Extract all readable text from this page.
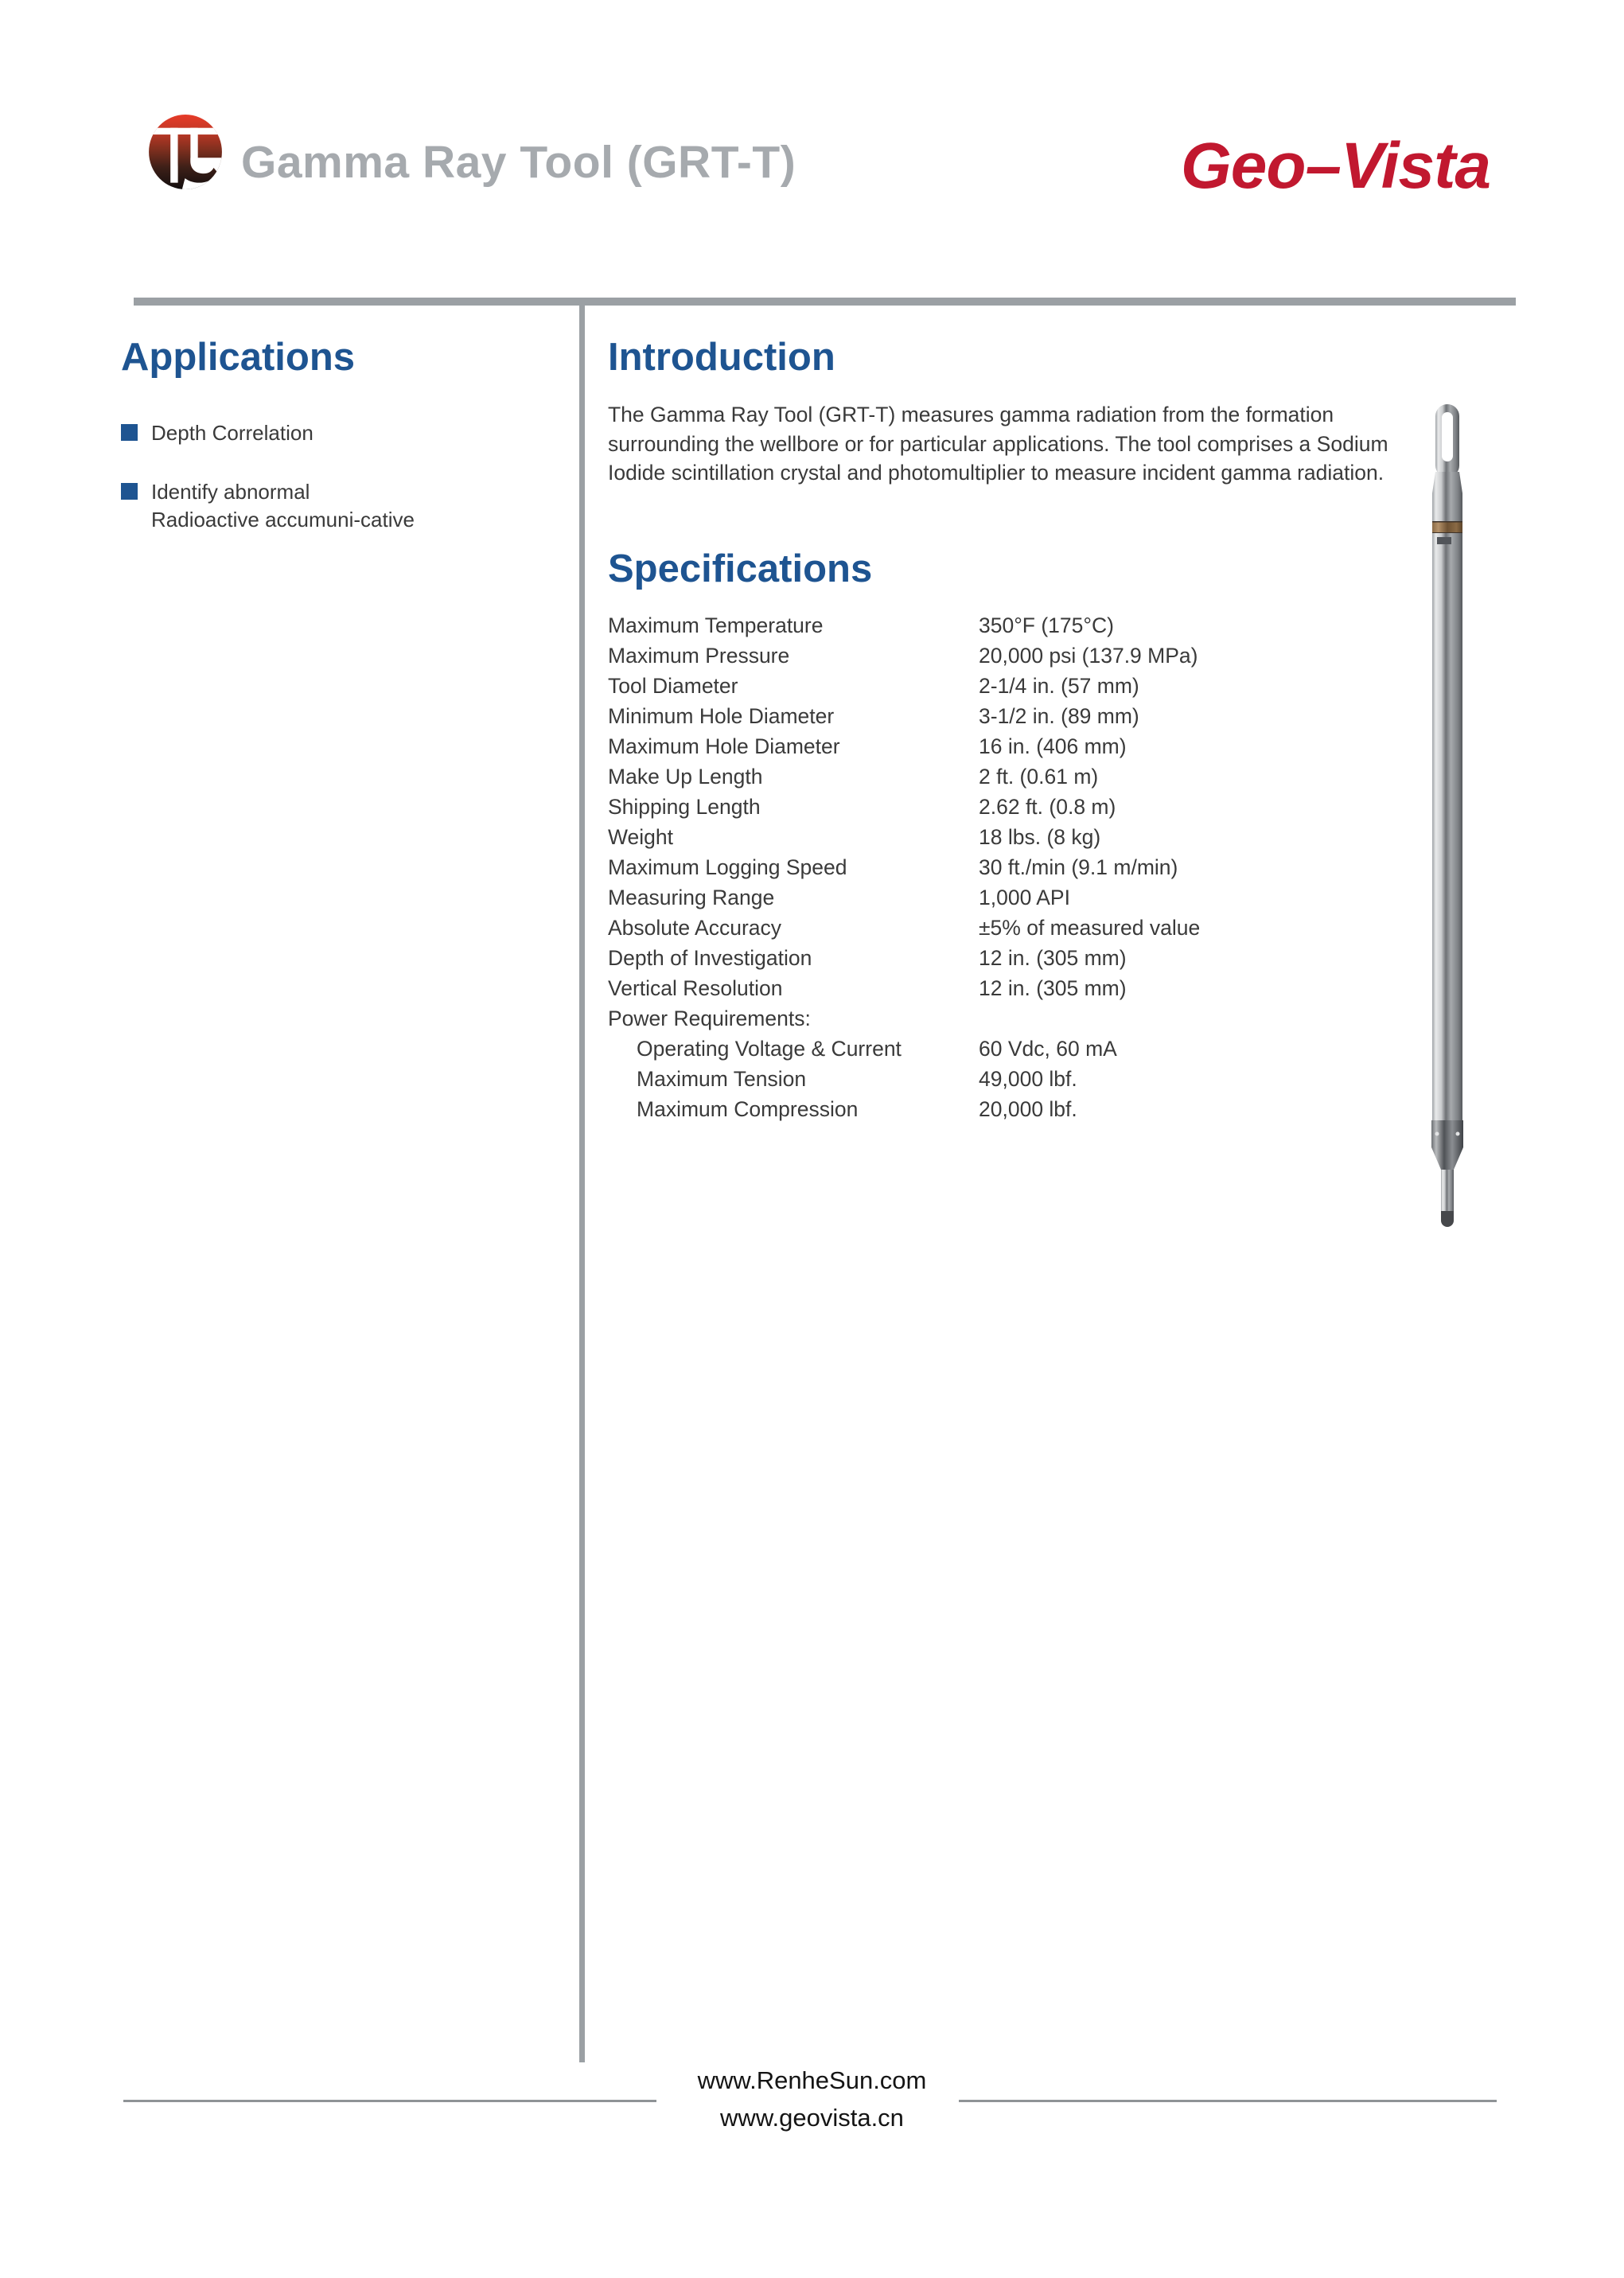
Gamma Ray Tool (GRT-T)	Geo–Vista
Applications
Depth Correlation
Identify abnormal Radioactive accumuni-cative
Introduction

The Gamma Ray Tool (GRT-T) measures gamma radiation from the formation surrounding the wellbore or for particular applications. The tool comprises a Sodium Iodide scintillation crystal and photomultiplier to measure incident gamma radiation.

Specifications
Maximum Temperature	350°F (175°C)
Maximum Pressure	20,000 psi (137.9 MPa)
Tool Diameter	2-1/4 in. (57 mm)
Minimum Hole Diameter	3-1/2 in. (89 mm)
Maximum Hole Diameter	16 in. (406 mm)
Make Up Length	2 ft. (0.61 m)
Shipping Length	2.62 ft. (0.8 m)
Weight	18 lbs. (8 kg)
Maximum Logging Speed	30 ft./min (9.1 m/min)
Measuring Range	1,000 API
Absolute Accuracy	±5% of measured value
Depth of Investigation	12 in. (305 mm)
Vertical Resolution	12 in. (305 mm)
Power Requirements:
Operating Voltage & Current	60 Vdc, 60 mA
Maximum Tension	49,000 lbf.
Maximum Compression	20,000 lbf.
www.RenheSun.com
www.geovista.cn
